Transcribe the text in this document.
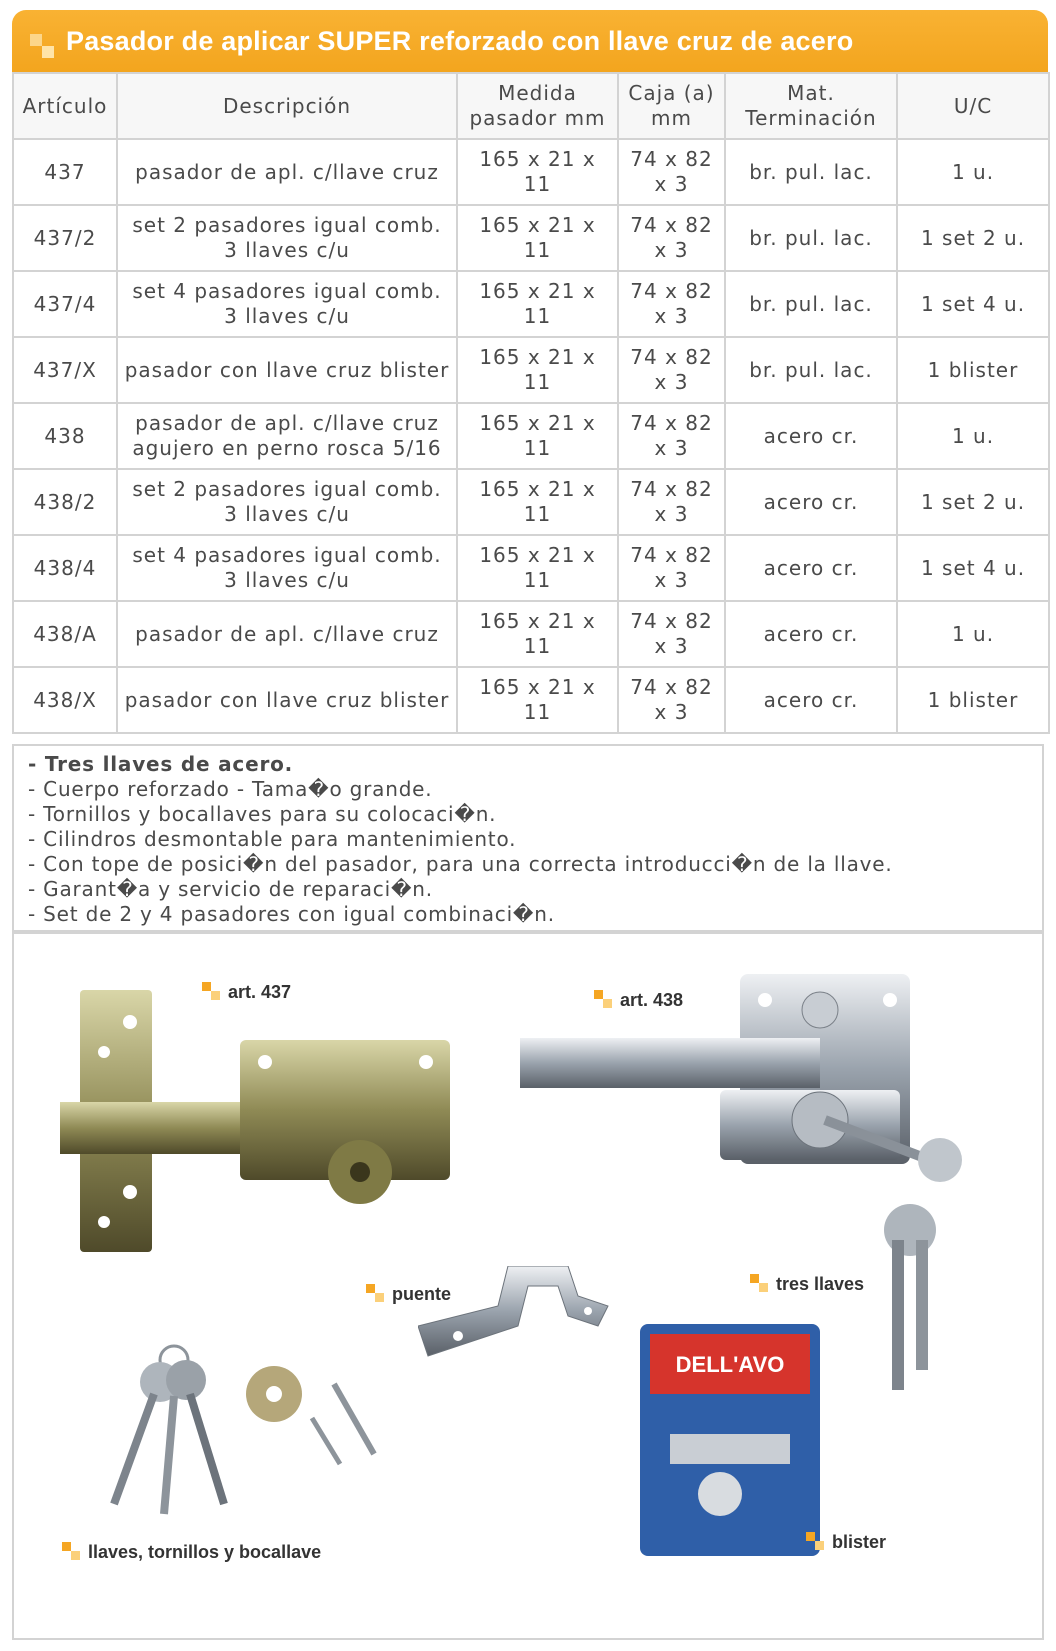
Pasador de aplicar SUPER reforzado con llave cruz de acero
Artículo	Descripción	Medida pasador mm	Caja (a) mm	Mat. Terminación	U/C
437	pasador de apl. c/llave cruz	165 x 21 x 11	74 x 82 x 3	br. pul. lac.	1 u.
437/2	set 2 pasadores igual comb. 3 llaves c/u	165 x 21 x 11	74 x 82 x 3	br. pul. lac.	1 set 2 u.
437/4	set 4 pasadores igual comb. 3 llaves c/u	165 x 21 x 11	74 x 82 x 3	br. pul. lac.	1 set 4 u.
437/X	pasador con llave cruz blister	165 x 21 x 11	74 x 82 x 3	br. pul. lac.	1 blister
438	pasador de apl. c/llave cruz agujero en perno rosca 5/16	165 x 21 x 11	74 x 82 x 3	acero cr.	1 u.
438/2	set 2 pasadores igual comb. 3 llaves c/u	165 x 21 x 11	74 x 82 x 3	acero cr.	1 set 2 u.
438/4	set 4 pasadores igual comb. 3 llaves c/u	165 x 21 x 11	74 x 82 x 3	acero cr.	1 set 4 u.
438/A	pasador de apl. c/llave cruz	165 x 21 x 11	74 x 82 x 3	acero cr.	1 u.
438/X	pasador con llave cruz blister	165 x 21 x 11	74 x 82 x 3	acero cr.	1 blister
- Tres llaves de acero.
- Cuerpo reforzado - Tama�o grande.
- Tornillos y bocallaves para su colocaci�n.
- Cilindros desmontable para mantenimiento.
- Con tope de posici�n del pasador, para una correcta introducci�n de la llave.
- Garant�a y servicio de reparaci�n.
- Set de 2 y 4 pasadores con igual combinaci�n.
art. 437	art. 438
puente	tres llaves
llaves, tornillos y bocallave
DELL'AVO
blister
